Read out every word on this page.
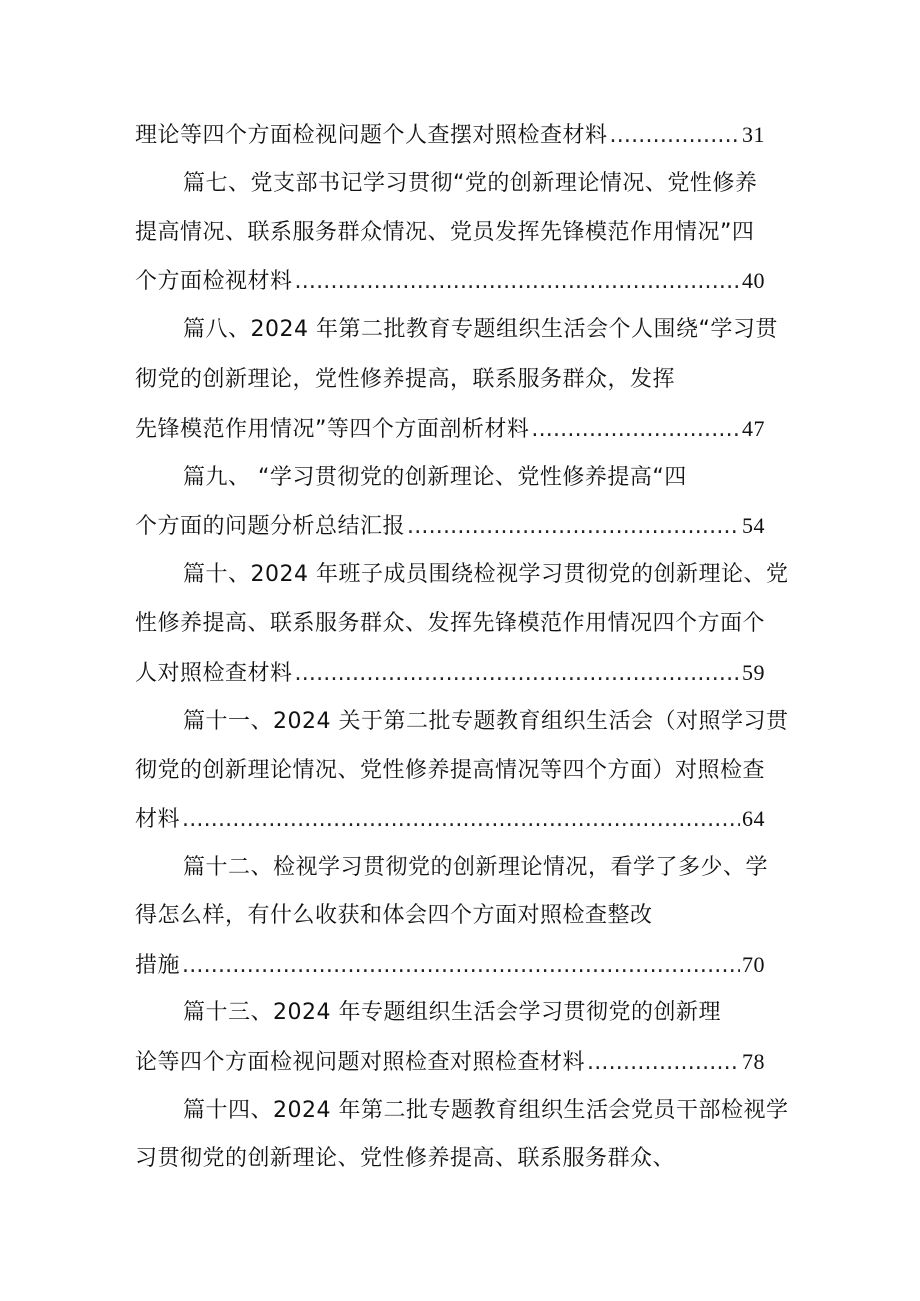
理论等四个方面检视问题个人查摆对照检查材料 .....	31
篇七、党支部书记学习贯彻“党的创新理论情况、党性修养
提高情况、联系服务群众情况、党员发挥先锋模范作用情况”四
个方面检视材料 .....	40
篇八、2024 年第二批教育专题组织生活会个人围绕“学习贯
彻党的创新理论，党性修养提高，联系服务群众，发挥
先锋模范作用情况”等四个方面剖析材料 .....	47
篇九、 “学习贯彻党的创新理论、党性修养提高“四
个方面的问题分析总结汇报 .....	54
篇十、2024 年班子成员围绕检视学习贯彻党的创新理论、党
性修养提高、联系服务群众、发挥先锋模范作用情况四个方面个
人对照检查材料 .....	59
篇十一、2024 关于第二批专题教育组织生活会（对照学习贯
彻党的创新理论情况、党性修养提高情况等四个方面）对照检查
材料 .....	64
篇十二、检视学习贯彻党的创新理论情况，看学了多少、学
得怎么样，有什么收获和体会四个方面对照检查整改
措施 .....	70
篇十三、2024 年专题组织生活会学习贯彻党的创新理
论等四个方面检视问题对照检查对照检查材料 .....	78
篇十四、2024 年第二批专题教育组织生活会党员干部检视学
习贯彻党的创新理论、党性修养提高、联系服务群众、
